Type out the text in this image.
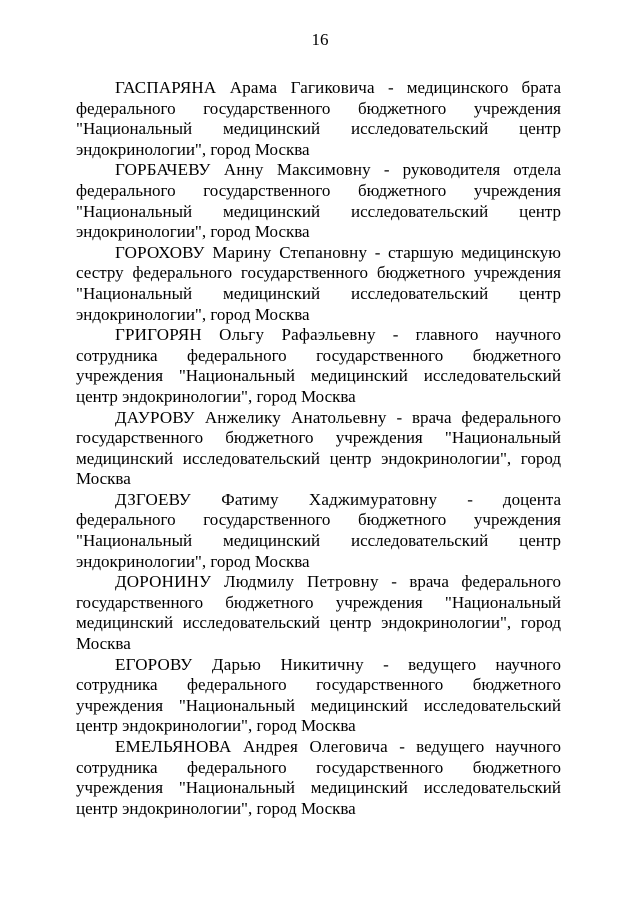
16

ГАСПАРЯНА Арама Гагиковича - медицинского брата федерального государственного бюджетного учреждения "Национальный медицинский исследовательский центр эндокринологии", город Москва

ГОРБАЧЕВУ Анну Максимовну - руководителя отдела федерального государственного бюджетного учреждения "Национальный медицинский исследовательский центр эндокринологии", город Москва

ГОРОХОВУ Марину Степановну - старшую медицинскую сестру федерального государственного бюджетного учреждения "Национальный медицинский исследовательский центр эндокринологии", город Москва

ГРИГОРЯН Ольгу Рафаэльевну - главного научного сотрудника федерального государственного бюджетного учреждения "Национальный медицинский исследовательский центр эндокринологии", город Москва

ДАУРОВУ Анжелику Анатольевну - врача федерального государственного бюджетного учреждения "Национальный медицинский исследовательский центр эндокринологии", город Москва

ДЗГОЕВУ Фатиму Хаджимуратовну - доцента федерального государственного бюджетного учреждения "Национальный медицинский исследовательский центр эндокринологии", город Москва

ДОРОНИНУ Людмилу Петровну - врача федерального государственного бюджетного учреждения "Национальный медицинский исследовательский центр эндокринологии", город Москва

ЕГОРОВУ Дарью Никитичну - ведущего научного сотрудника федерального государственного бюджетного учреждения "Национальный медицинский исследовательский центр эндокринологии", город Москва

ЕМЕЛЬЯНОВА Андрея Олеговича - ведущего научного сотрудника федерального государственного бюджетного учреждения "Национальный медицинский исследовательский центр эндокринологии", город Москва
